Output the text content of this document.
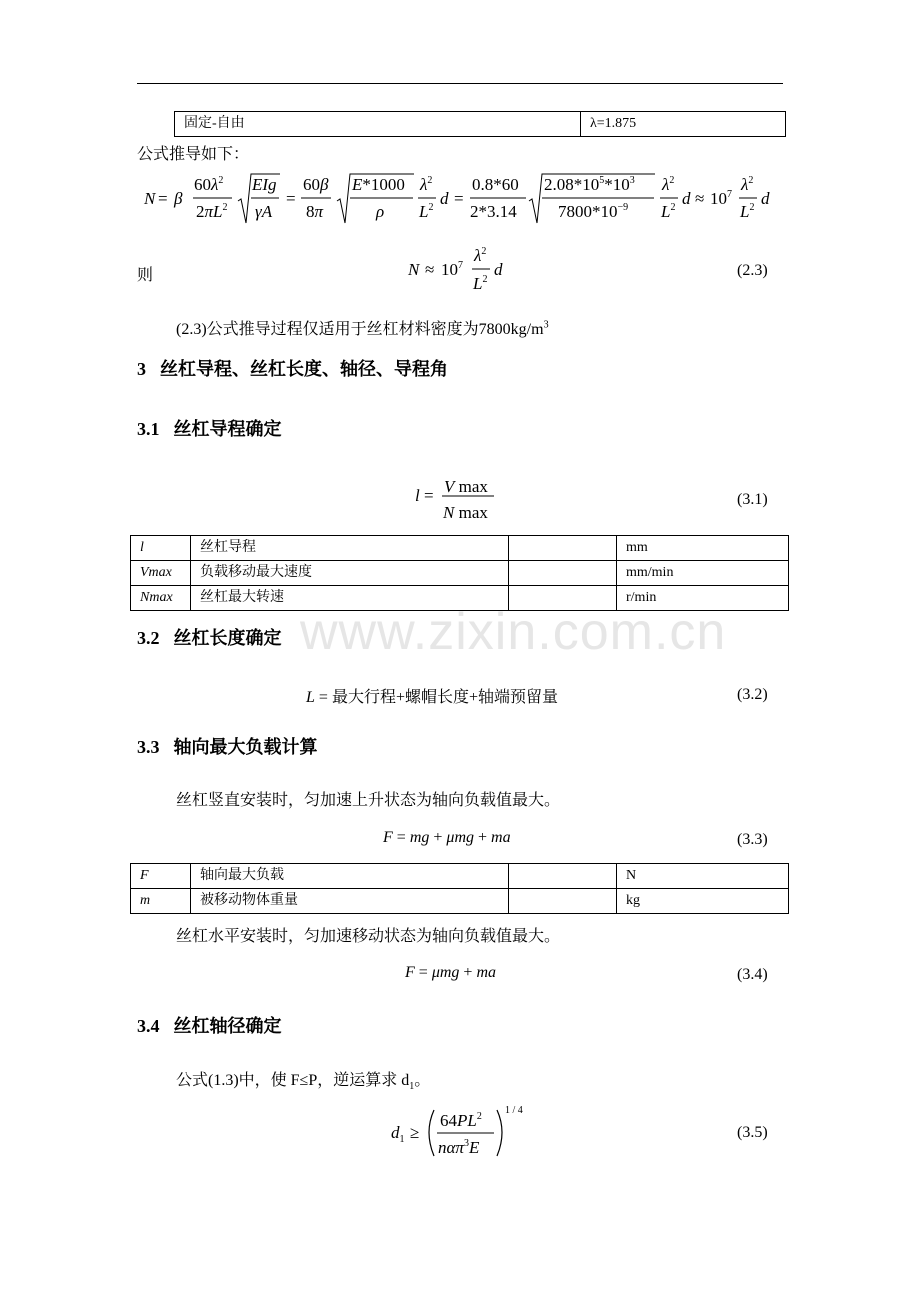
固定-自由	λ=1.875
公式推导如下：
N = β
$60\lambda^2$
$2\pi L^2$
EIg
γA
=
60β
8π
E*1000
ρ
$\lambda^2$
$L^2$ d =
0.8*60
2*3.14
$2.08*10^5*10^3$
$7800*10^{-9}$
$\lambda^2$
$L^2$ $d \approx 10^7$
$\lambda^2$
$L^2$ d
则	$N \approx 10^7$
$\lambda^2$
$L^2$
d	(2.3)
(2.3)公式推导过程仅适用于丝杠材料密度为$7800kg/m^3$
3 丝杠导程、丝杠长度、轴径、导程角
3.1 丝杠导程确定
l = V max
N max
(3.1)
l	丝杠导程		mm
Vmax	负载移动最大速度		mm/min
Nmax	丝杠最大转速		r/min
www.zixin.com.cn
3.2 丝杠长度确定
L = 最大行程+螺帽长度+轴端预留量	(3.2)
3.3 轴向最大负载计算
丝杠竖直安装时，匀加速上升状态为轴向负载值最大。
F = mg + μmg + ma	(3.3)
F	轴向最大负载		N
m	被移动物体重量		kg
丝杠水平安装时，匀加速移动状态为轴向负载值最大。
F = μmg + ma	(3.4)
3.4 丝杠轴径确定
公式(1.3)中，使 F≤P，逆运算求 $d_1$。
$d_1$ ≥
$64PL^2$
nαπ$^3$E
1 / 4
(3.5)
